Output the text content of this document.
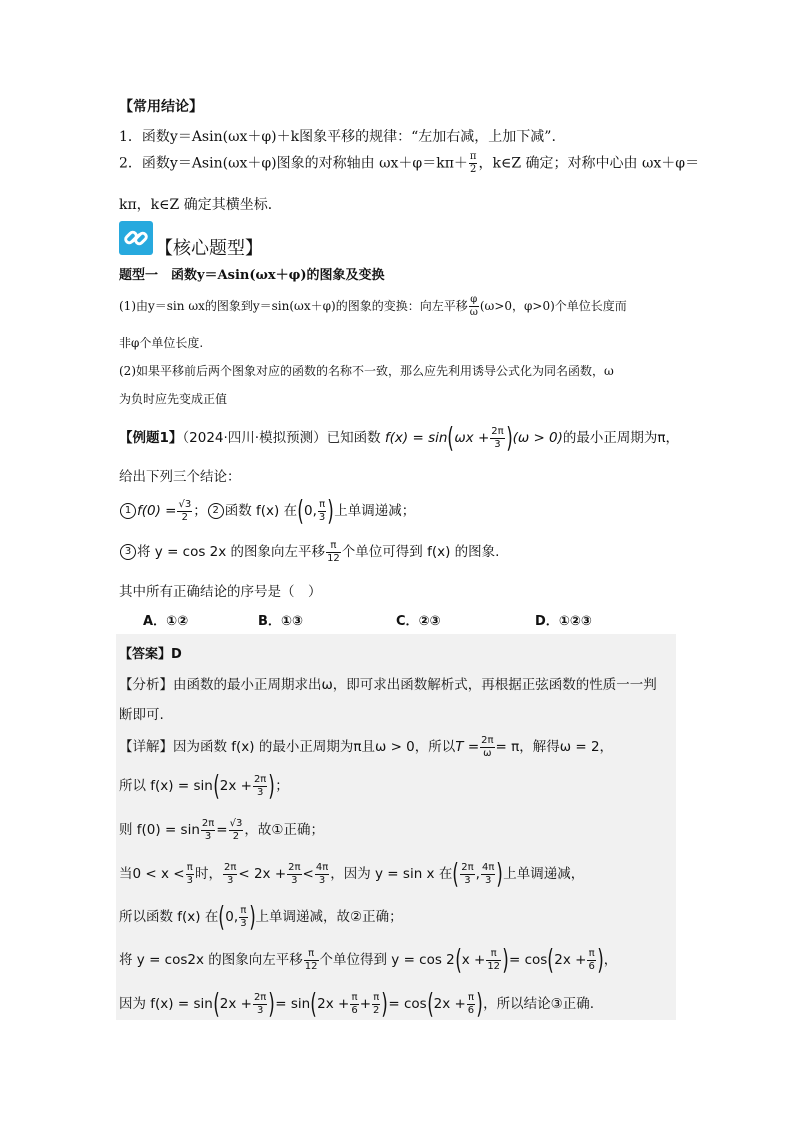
【常用结论】
1．函数y＝Asin(ωx＋φ)＋k图象平移的规律：“左加右减，上加下减”.
2．函数y＝Asin(ωx＋φ)图象的对称轴由 $\omega x+\varphi=k\pi+ \frac{\pi}{2}$ ，k∈Z 确定；对称中心由 ωx＋φ＝
kπ，k∈Z 确定其横坐标．
【核心题型】
题型一　函数y＝Asin(ωx＋φ)的图象及变换
(1)由y＝sin ωx的图象到y＝sin(ωx＋φ)的图象的变换：向左平移 $\frac{\varphi}{\omega} (\omega>0$，φ>0)个单位长度而
非φ个单位长度.
(2)如果平移前后两个图象对应的函数的名称不一致，那么应先利用诱导公式化为同名函数，ω
为负时应先变成正值
【例题1】（2024·四川·模拟预测）已知函数 $f(x) = \sin(\omega x + \frac{2\pi}{3} )(\omega > 0)$的最小正周期为π，
给出下列三个结论：
1 $f(0) = \frac{√3}{2}$ ； 2 函数 f(x) 在(0, $\frac{\pi}{3}$ )上单调递减；
3 将 y = cos 2x 的图象向左平移 $\frac{\pi}{12}$ 个单位可得到 f(x) 的图象.
其中所有正确结论的序号是（　）
A．①②	B．①③	C．②③	D．①②③
【答案】D
【分析】由函数的最小正周期求出ω，即可求出函数解析式，再根据正弦函数的性质一一判
断即可.
【详解】因为函数 f(x) 的最小正周期为π且ω > 0，所以$T = \frac{2\pi}{\omega} = \pi$，解得ω = 2，
所以 $f(x) = \sin(2x + \frac{2\pi}{3}$ )；
则 $f(0) = \sin \frac{2\pi}{3} = \frac{√3}{2}$ ，故①正确；
当$0 < x < \frac{\pi}{3}$ 时， $\frac{2\pi}{3} < 2x + \frac{2\pi}{3} < \frac{4\pi}{3}$ ，因为 y = sin x 在( $\frac{2\pi}{3}$ , $\frac{4\pi}{3}$ )上单调递减，
所以函数 f(x) 在(0, $\frac{\pi}{3}$ )上单调递减，故②正确；
将 y = cos2x 的图象向左平移 $\frac{\pi}{12}$ 个单位得到 $y = \cos 2(x + \frac{\pi}{12}$ )= $\cos(2x + \frac{\pi}{6}$ )，
因为 $f(x) = \sin(2x + \frac{2\pi}{3}$ )= $\sin(2x + \frac{\pi}{6} + \frac{\pi}{2}$ )= $\cos(2x + \frac{\pi}{6}$ )，所以结论③正确.
